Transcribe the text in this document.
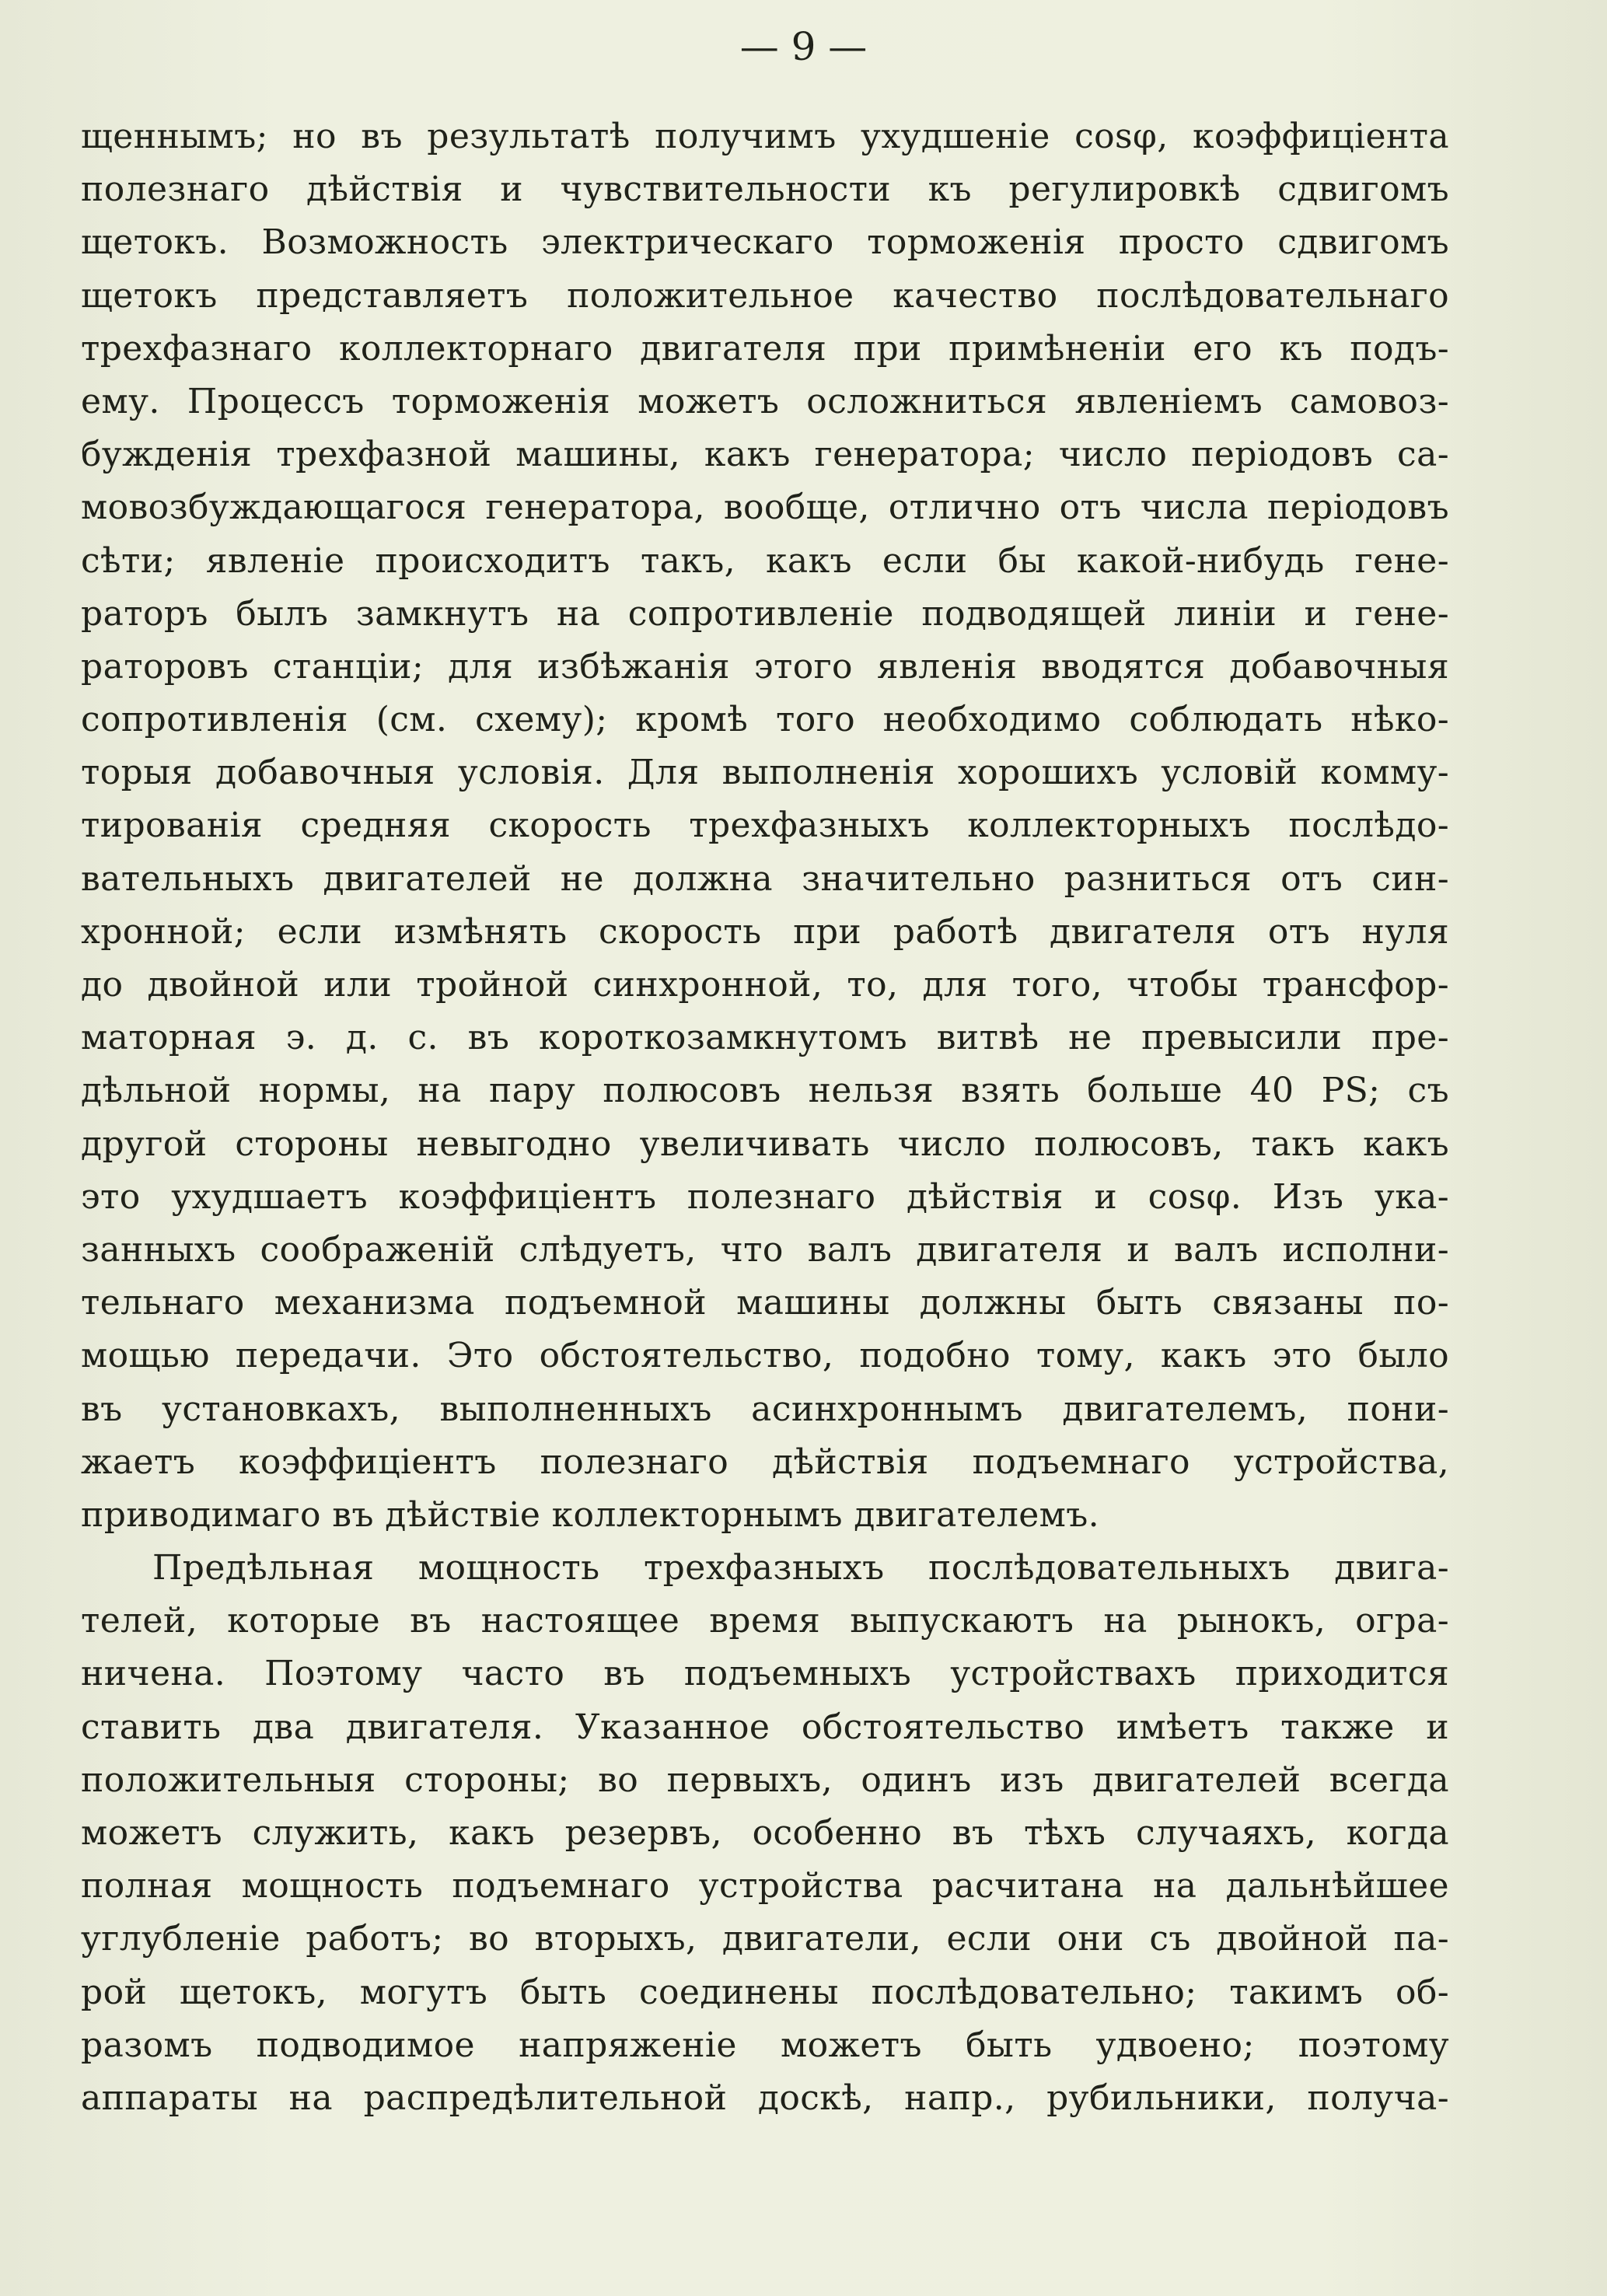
— 9 —
щеннымъ; но въ результатѣ получимъ ухудшеніе cosφ, коэффиціента
полезнаго дѣйствія и чувствительности къ регулировкѣ сдвигомъ
щетокъ. Возможность электрическаго торможенія просто сдвигомъ
щетокъ представляетъ положительное качество послѣдовательнаго
трехфазнаго коллекторнаго двигателя при примѣненіи его къ подъ-
ему. Процессъ торможенія можетъ осложниться явленіемъ самовоз-
бужденія трехфазной машины, какъ генератора; число періодовъ са-
мовозбуждающагося генератора, вообще, отлично отъ числа періодовъ
сѣти; явленіе происходитъ такъ, какъ если бы какой-нибудь гене-
раторъ былъ замкнутъ на сопротивленіе подводящей линіи и гене-
раторовъ станціи; для избѣжанія этого явленія вводятся добавочныя
сопротивленія (см. схему); кромѣ того необходимо соблюдать нѣко-
торыя добавочныя условія. Для выполненія хорошихъ условій комму-
тированія средняя скорость трехфазныхъ коллекторныхъ послѣдо-
вательныхъ двигателей не должна значительно разниться отъ син-
хронной; если измѣнять скорость при работѣ двигателя отъ нуля
до двойной или тройной синхронной, то, для того, чтобы трансфор-
маторная э. д. с. въ короткозамкнутомъ витвѣ не превысили пре-
дѣльной нормы, на пару полюсовъ нельзя взять больше 40 PS; съ
другой стороны невыгодно увеличивать число полюсовъ, такъ какъ
это ухудшаетъ коэффиціентъ полезнаго дѣйствія и cosφ. Изъ ука-
занныхъ соображеній слѣдуетъ, что валъ двигателя и валъ исполни-
тельнаго механизма подъемной машины должны быть связаны по-
мощью передачи. Это обстоятельство, подобно тому, какъ это было
въ установкахъ, выполненныхъ асинхроннымъ двигателемъ, пони-
жаетъ коэффиціентъ полезнаго дѣйствія подъемнаго устройства,
приводимаго въ дѣйствіе коллекторнымъ двигателемъ.
Предѣльная мощность трехфазныхъ послѣдовательныхъ двига-
телей, которые въ настоящее время выпускаютъ на рынокъ, огра-
ничена. Поэтому часто въ подъемныхъ устройствахъ приходится
ставить два двигателя. Указанное обстоятельство имѣетъ также и
положительныя стороны; во первыхъ, одинъ изъ двигателей всегда
можетъ служить, какъ резервъ, особенно въ тѣхъ случаяхъ, когда
полная мощность подъемнаго устройства расчитана на дальнѣйшее
углубленіе работъ; во вторыхъ, двигатели, если они съ двойной па-
рой щетокъ, могутъ быть соединены послѣдовательно; такимъ об-
разомъ подводимое напряженіе можетъ быть удвоено; поэтому
аппараты на распредѣлительной доскѣ, напр., рубильники, получа-
